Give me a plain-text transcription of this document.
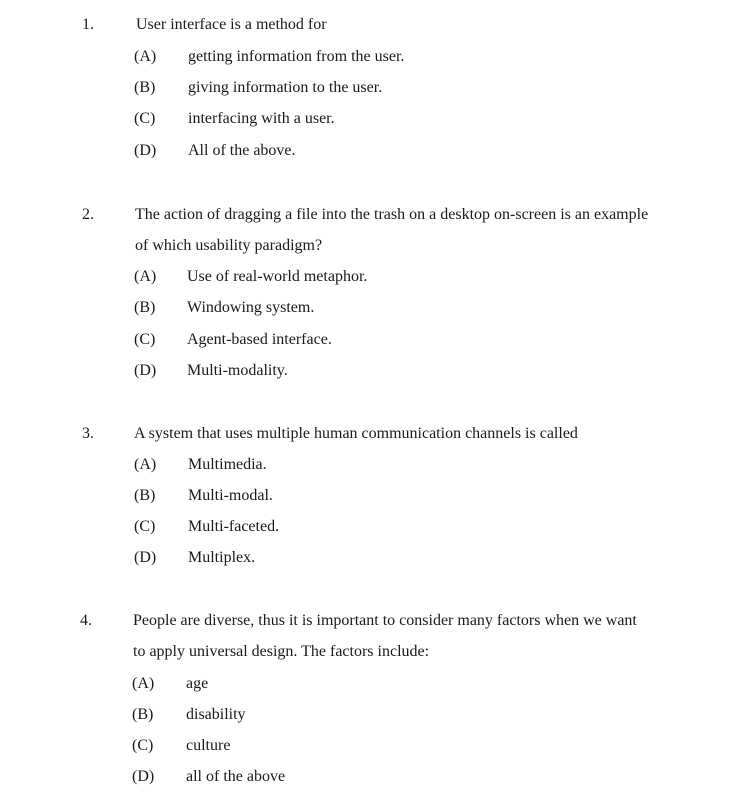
1.	User interface is a method for
(A) getting information from the user.
(B) giving information to the user.
(C) interfacing with a user.
(D) All of the above.
2.	The action of dragging a file into the trash on a desktop on-screen is an example
of which usability paradigm?
(A) Use of real-world metaphor.
(B) Windowing system.
(C) Agent-based interface.
(D) Multi-modality.
3.	A system that uses multiple human communication channels is called
(A) Multimedia.
(B) Multi-modal.
(C) Multi-faceted.
(D) Multiplex.
4.	People are diverse, thus it is important to consider many factors when we want
to apply universal design. The factors include:
(A) age
(B) disability
(C) culture
(D) all of the above
